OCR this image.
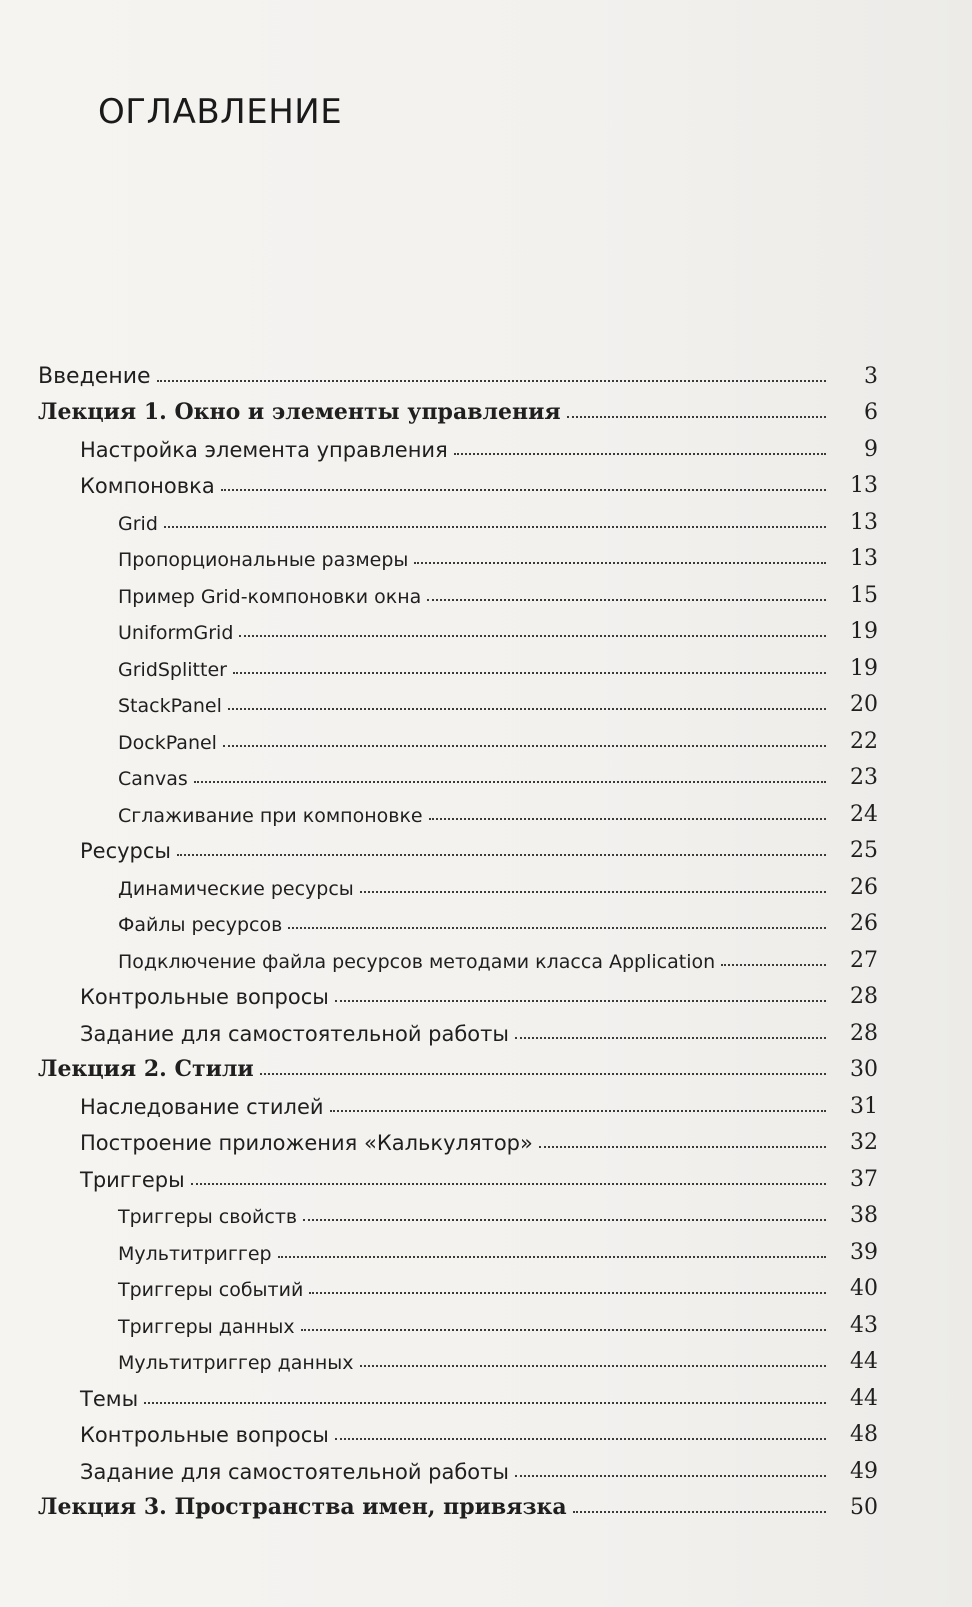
ОГЛАВЛЕНИЕ
Введение	3
Лекция 1. Окно и элементы управления	6
Настройка элемента управления	9
Компоновка	13
Grid	13
Пропорциональные размеры	13
Пример Grid-компоновки окна	15
UniformGrid	19
GridSplitter	19
StackPanel	20
DockPanel	22
Canvas	23
Сглаживание при компоновке	24
Ресурсы	25
Динамические ресурсы	26
Файлы ресурсов	26
Подключение файла ресурсов методами класса Application	27
Контрольные вопросы	28
Задание для самостоятельной работы	28
Лекция 2. Стили	30
Наследование стилей	31
Построение приложения «Калькулятор»	32
Триггеры	37
Триггеры свойств	38
Мультитриггер	39
Триггеры событий	40
Триггеры данных	43
Мультитриггер данных	44
Темы	44
Контрольные вопросы	48
Задание для самостоятельной работы	49
Лекция 3. Пространства имен, привязка	50
